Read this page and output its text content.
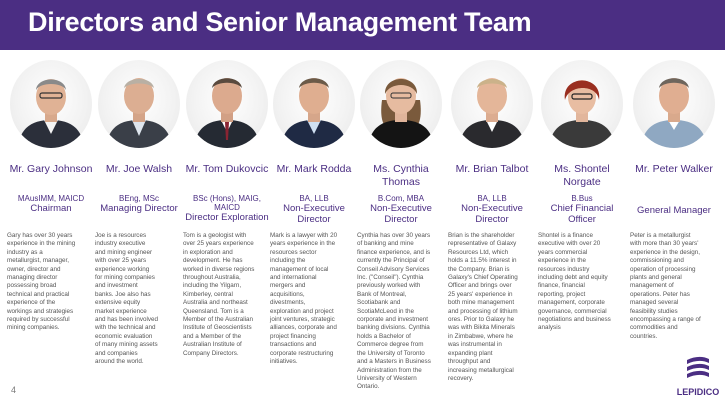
Directors and Senior Management Team
Mr. Gary Johnson
MAusIMM, MAICD
Chairman
Gary has over 30 years
experience in the mining
industry as a
metallurgist, manager,
owner, director and
managing director
possessing broad
technical and practical
experience of the
workings and strategies
required by successful
mining companies.
Mr. Joe Walsh
BEng, MSc
Managing Director
Joe is a resources
industry executive
and mining engineer
with over 25 years
experience working
for mining companies
and investment
banks. Joe also has
extensive equity
market experience
and has been involved
with the technical and
economic evaluation
of many mining assets
and companies
around the world.
Mr. Tom Dukovcic
BSc (Hons), MAIG, MAICD
Director Exploration
Tom is a geologist with
over 25 years experience
in exploration and
development. He has
worked in diverse regions
throughout Australia,
including the Yilgarn,
Kimberley, central
Australia and northeast
Queensland. Tom is a
Member of the Australian
Institute of Geoscientists
and a Member of the
Australian Institute of
Company Directors.
Mr. Mark Rodda
BA, LLB
Non-Executive Director
Mark is a lawyer with 20
years experience in the
resources sector
including the
management of local
and international
mergers and
acquisitions,
divestments,
exploration and project
joint ventures, strategic
alliances, corporate and
project financing
transactions and
corporate restructuring
initiatives.
Ms. Cynthia Thomas
B.Com, MBA
Non-Executive Director
Cynthia has over 30 years
of banking and mine
finance experience, and is
currently the Principal of
Conseil Advisory Services
Inc. ("Conseil"). Cynthia
previously worked with
Bank of Montreal,
Scotiabank and
ScotiaMcLeod in the
corporate and investment
banking divisions. Cynthia
holds a Bachelor of
Commerce degree from
the University of Toronto
and a Masters in Business
Administration from the
University of Western
Ontario.
Mr. Brian Talbot
BA, LLB
Non-Executive Director
Brian is the shareholder
representative of Galaxy
Resources Ltd, which
holds a 11.5% interest in
the Company. Brian is
Galaxy's Chief Operating
Officer and brings over
25 years' experience in
both mine management
and processing of lithium
ores. Prior to Galaxy he
was with Bikita Minerals
in Zimbabwe, where he
was instrumental in
expanding plant
throughput and
increasing metallurgical
recovery.
Ms. Shontel Norgate
B.Bus
Chief Financial Officer
Shontel is a finance
executive with over 20
years commercial
experience in the
resources industry
including debt and equity
finance, financial
reporting, project
management, corporate
governance, commercial
negotiations and business
analysis
Mr. Peter Walker
General Manager
Peter is a metallurgist
with more than 30 years'
experience in the design,
commissioning and
operation of processing
plants and general
management of
operations. Peter has
managed several
feasibility studies
encompassing a range of
commodities and
countries.
4	LEPIDICO
